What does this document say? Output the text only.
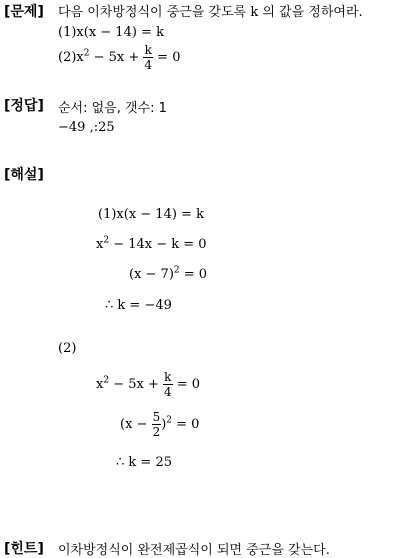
[문제] 다음 이차방정식이 중근을 갖도록 k 의 값을 정하여라.
(1)x(x − 14) = k
$(2)x^2 - 5x + \frac{k}{4} = 0$
[정답] 순서: 없음, 갯수: 1
−49 ,:25
[해설]
(1)x(x − 14) = k
$x^2 - 14x - k = 0$
$(x - 7)^2 = 0$
∴ k = −49
(2)
$x^2 - 5x + \frac{k}{4} = 0$
$(x - \frac{5}{2} )^2 = 0$
∴ k = 25
[힌트] 이차방정식이 완전제곱식이 되면 중근을 갖는다.
